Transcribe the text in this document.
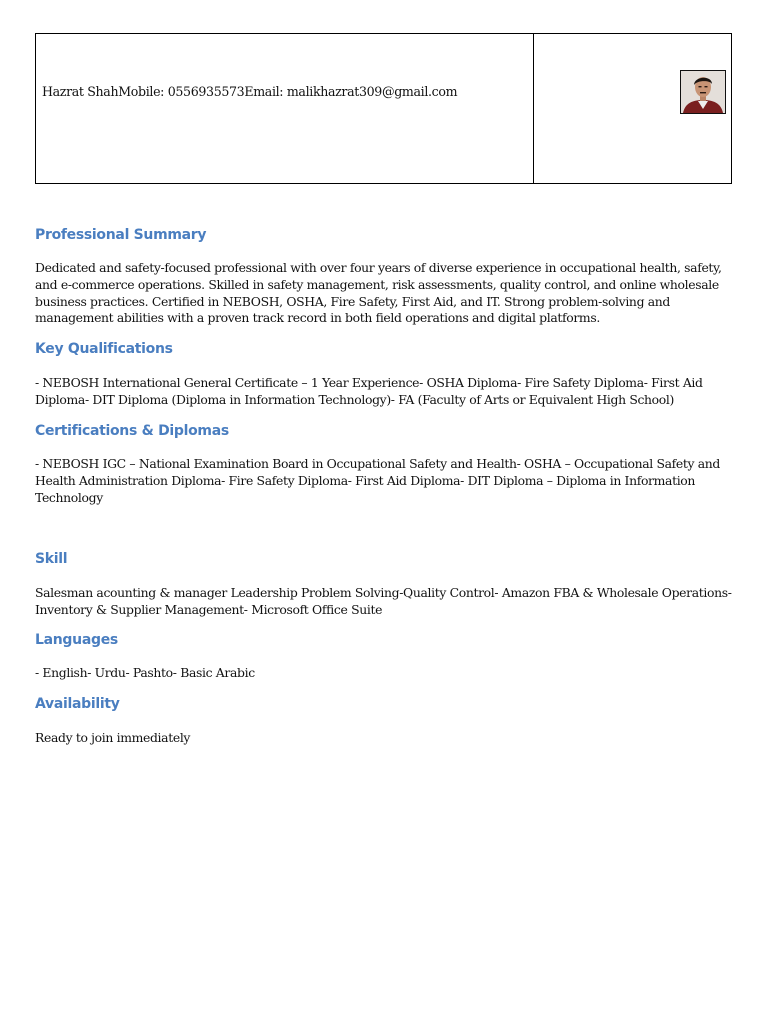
Hazrat ShahMobile: 0556935573Email: malikhazrat309@gmail.com
Professional Summary

Dedicated and safety-focused professional with over four years of diverse experience in occupational health, safety, and e-commerce operations. Skilled in safety management, risk assessments, quality control, and online wholesale business practices. Certified in NEBOSH, OSHA, Fire Safety, First Aid, and IT. Strong problem-solving and management abilities with a proven track record in both field operations and digital platforms.

Key Qualifications

- NEBOSH International General Certificate – 1 Year Experience- OSHA Diploma- Fire Safety Diploma- First Aid Diploma- DIT Diploma (Diploma in Information Technology)- FA (Faculty of Arts or Equivalent High School)

Certifications & Diplomas

- NEBOSH IGC – National Examination Board in Occupational Safety and Health- OSHA – Occupational Safety and Health Administration Diploma- Fire Safety Diploma- First Aid Diploma- DIT Diploma – Diploma in Information Technology

Skill

Salesman acounting & manager Leadership Problem Solving-Quality Control- Amazon FBA & Wholesale Operations- Inventory & Supplier Management- Microsoft Office Suite

Languages

- English- Urdu- Pashto- Basic Arabic

Availability

Ready to join immediately
